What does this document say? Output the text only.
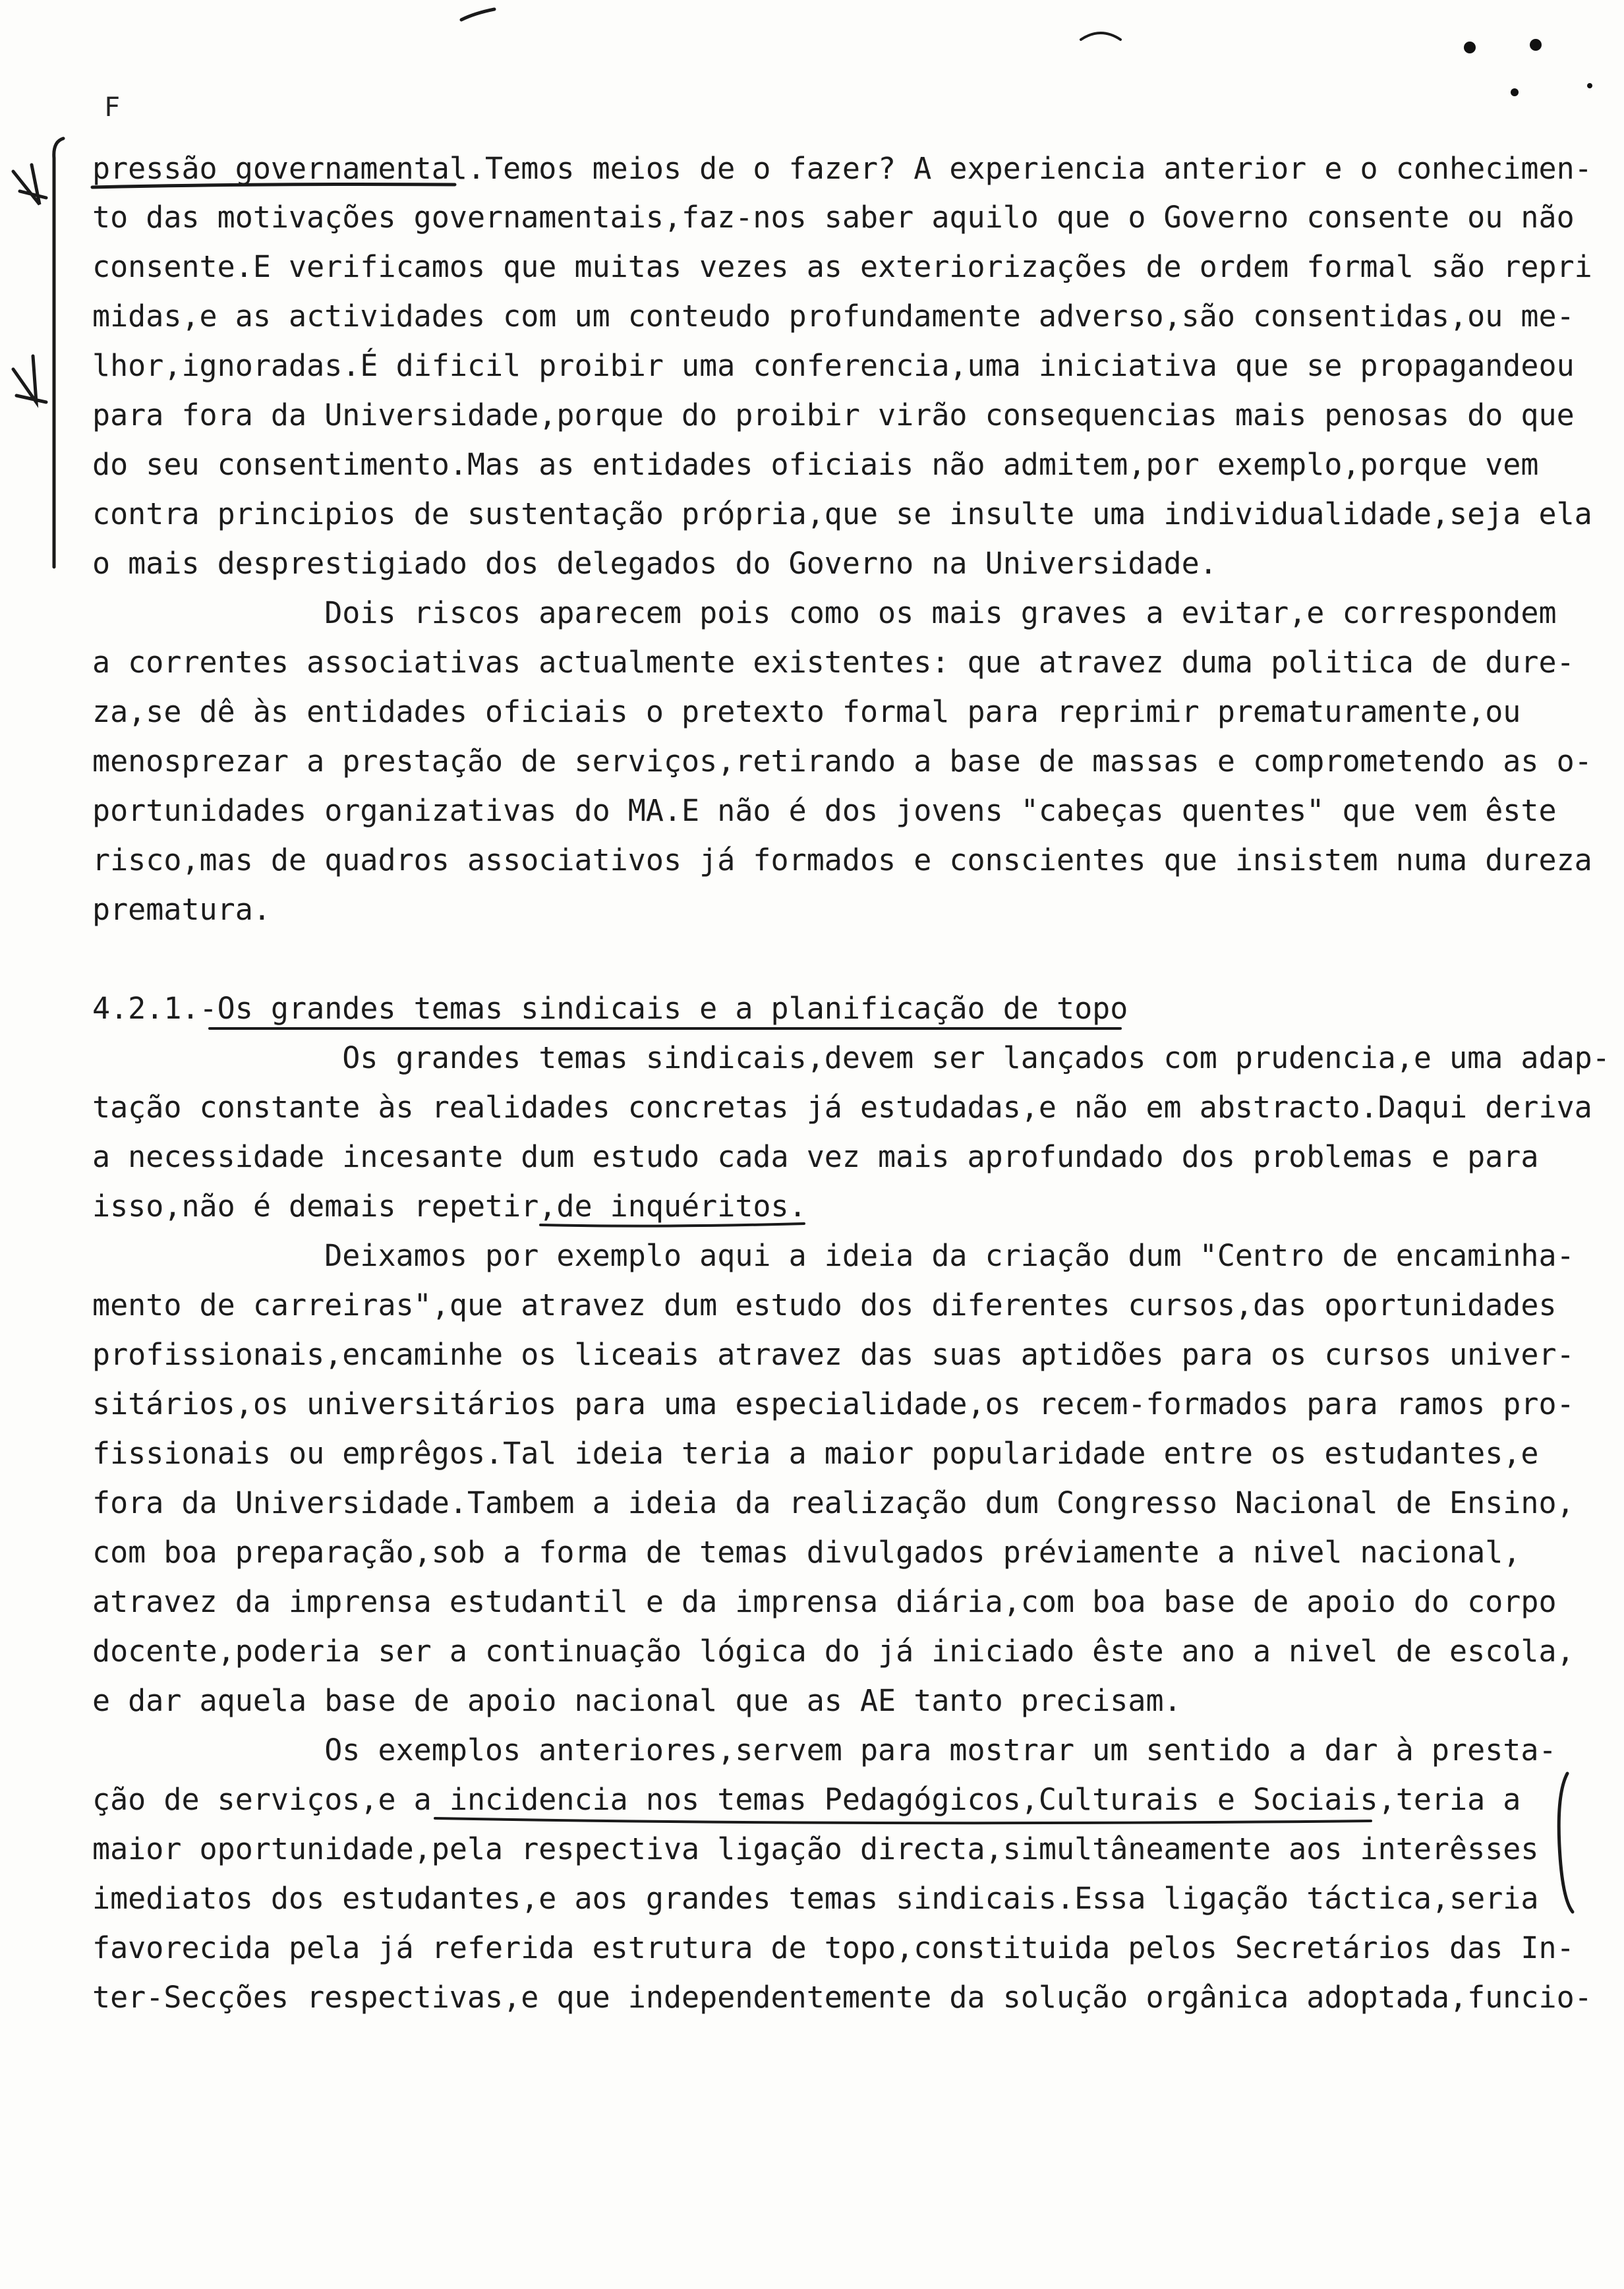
F
pressão governamental.Temos meios de o fazer? A experiencia anterior e o conhecimen-
to das motivações governamentais,faz-nos saber aquilo que o Governo consente ou não
consente.E verificamos que muitas vezes as exteriorizações de ordem formal são repri
midas,e as actividades com um conteudo profundamente adverso,são consentidas,ou me-
lhor,ignoradas.É dificil proibir uma conferencia,uma iniciativa que se propagandeou
para fora da Universidade,porque do proibir virão consequencias mais penosas do que
do seu consentimento.Mas as entidades oficiais não admitem,por exemplo,porque vem
contra principios de sustentação própria,que se insulte uma individualidade,seja ela
o mais desprestigiado dos delegados do Governo na Universidade.
Dois riscos aparecem pois como os mais graves a evitar,e correspondem
a correntes associativas actualmente existentes: que atravez duma politica de dure-
za,se dê às entidades oficiais o pretexto formal para reprimir prematuramente,ou
menosprezar a prestação de serviços,retirando a base de massas e comprometendo as o-
portunidades organizativas do MA.E não é dos jovens "cabeças quentes" que vem êste
risco,mas de quadros associativos já formados e conscientes que insistem numa dureza
prematura.
4.2.1.-Os grandes temas sindicais e a planificação de topo
Os grandes temas sindicais,devem ser lançados com prudencia,e uma adap-
tação constante às realidades concretas já estudadas,e não em abstracto.Daqui deriva
a necessidade incesante dum estudo cada vez mais aprofundado dos problemas e para
isso,não é demais repetir,de inquéritos.
Deixamos por exemplo aqui a ideia da criação dum "Centro de encaminha-
mento de carreiras",que atravez dum estudo dos diferentes cursos,das oportunidades
profissionais,encaminhe os liceais atravez das suas aptidões para os cursos univer-
sitários,os universitários para uma especialidade,os recem-formados para ramos pro-
fissionais ou emprêgos.Tal ideia teria a maior popularidade entre os estudantes,e
fora da Universidade.Tambem a ideia da realização dum Congresso Nacional de Ensino,
com boa preparação,sob a forma de temas divulgados préviamente a nivel nacional,
atravez da imprensa estudantil e da imprensa diária,com boa base de apoio do corpo
docente,poderia ser a continuação lógica do já iniciado êste ano a nivel de escola,
e dar aquela base de apoio nacional que as AE tanto precisam.
Os exemplos anteriores,servem para mostrar um sentido a dar à presta-
ção de serviços,e a incidencia nos temas Pedagógicos,Culturais e Sociais,teria a
maior oportunidade,pela respectiva ligação directa,simultâneamente aos interêsses
imediatos dos estudantes,e aos grandes temas sindicais.Essa ligação táctica,seria
favorecida pela já referida estrutura de topo,constituida pelos Secretários das In-
ter-Secções respectivas,e que independentemente da solução orgânica adoptada,funcio-
